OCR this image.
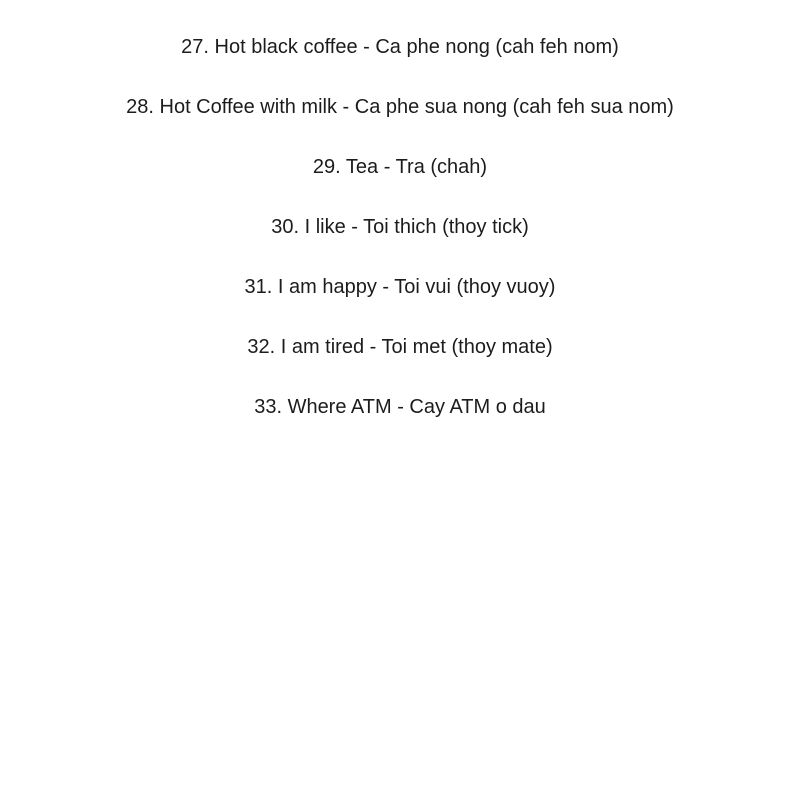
27. Hot black coffee - Ca phe nong (cah feh nom)
28. Hot Coffee with milk - Ca phe sua nong (cah feh sua nom)
29. Tea - Tra (chah)
30. I like - Toi thich (thoy tick)
31. I am happy - Toi vui (thoy vuoy)
32. I am tired - Toi met (thoy mate)
33. Where ATM - Cay ATM o dau
